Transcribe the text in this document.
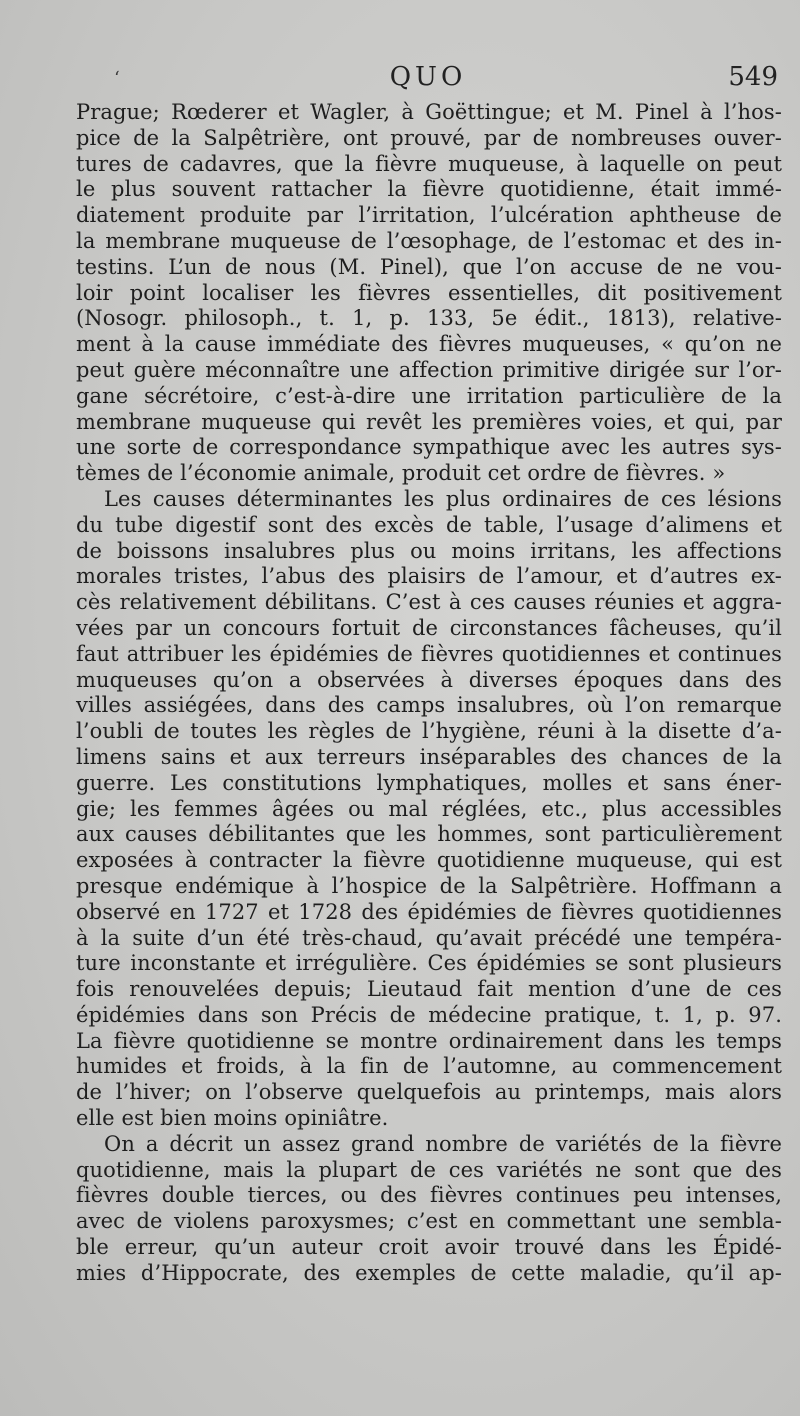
‘	QUO	549
Prague; Rœderer et Wagler, à Goëttingue; et M. Pinel à l’hos-
pice de la Salpêtrière, ont prouvé, par de nombreuses ouver-
tures de cadavres, que la fièvre muqueuse, à laquelle on peut
le plus souvent rattacher la fièvre quotidienne, était immé-
diatement produite par l’irritation, l’ulcération aphtheuse de
la membrane muqueuse de l’œsophage, de l’estomac et des in-
testins. L’un de nous (M. Pinel), que l’on accuse de ne vou-
loir point localiser les fièvres essentielles, dit positivement
(Nosogr. philosoph., t. 1, p. 133, 5e édit., 1813), relative-
ment à la cause immédiate des fièvres muqueuses, « qu’on ne
peut guère méconnaître une affection primitive dirigée sur l’or-
gane sécrétoire, c’est-à-dire une irritation particulière de la
membrane muqueuse qui revêt les premières voies, et qui, par
une sorte de correspondance sympathique avec les autres sys-
tèmes de l’économie animale, produit cet ordre de fièvres. »
Les causes déterminantes les plus ordinaires de ces lésions
du tube digestif sont des excès de table, l’usage d’alimens et
de boissons insalubres plus ou moins irritans, les affections
morales tristes, l’abus des plaisirs de l’amour, et d’autres ex-
cès relativement débilitans. C’est à ces causes réunies et aggra-
vées par un concours fortuit de circonstances fâcheuses, qu’il
faut attribuer les épidémies de fièvres quotidiennes et continues
muqueuses qu’on a observées à diverses époques dans des
villes assiégées, dans des camps insalubres, où l’on remarque
l’oubli de toutes les règles de l’hygiène, réuni à la disette d’a-
limens sains et aux terreurs inséparables des chances de la
guerre. Les constitutions lymphatiques, molles et sans éner-
gie; les femmes âgées ou mal réglées, etc., plus accessibles
aux causes débilitantes que les hommes, sont particulièrement
exposées à contracter la fièvre quotidienne muqueuse, qui est
presque endémique à l’hospice de la Salpêtrière. Hoffmann a
observé en 1727 et 1728 des épidémies de fièvres quotidiennes
à la suite d’un été très-chaud, qu’avait précédé une tempéra-
ture inconstante et irrégulière. Ces épidémies se sont plusieurs
fois renouvelées depuis; Lieutaud fait mention d’une de ces
épidémies dans son Précis de médecine pratique, t. 1, p. 97.
La fièvre quotidienne se montre ordinairement dans les temps
humides et froids, à la fin de l’automne, au commencement
de l’hiver; on l’observe quelquefois au printemps, mais alors
elle est bien moins opiniâtre.
On a décrit un assez grand nombre de variétés de la fièvre
quotidienne, mais la plupart de ces variétés ne sont que des
fièvres double tierces, ou des fièvres continues peu intenses,
avec de violens paroxysmes; c’est en commettant une sembla-
ble erreur, qu’un auteur croit avoir trouvé dans les Épidé-
mies d’Hippocrate, des exemples de cette maladie, qu’il ap-
